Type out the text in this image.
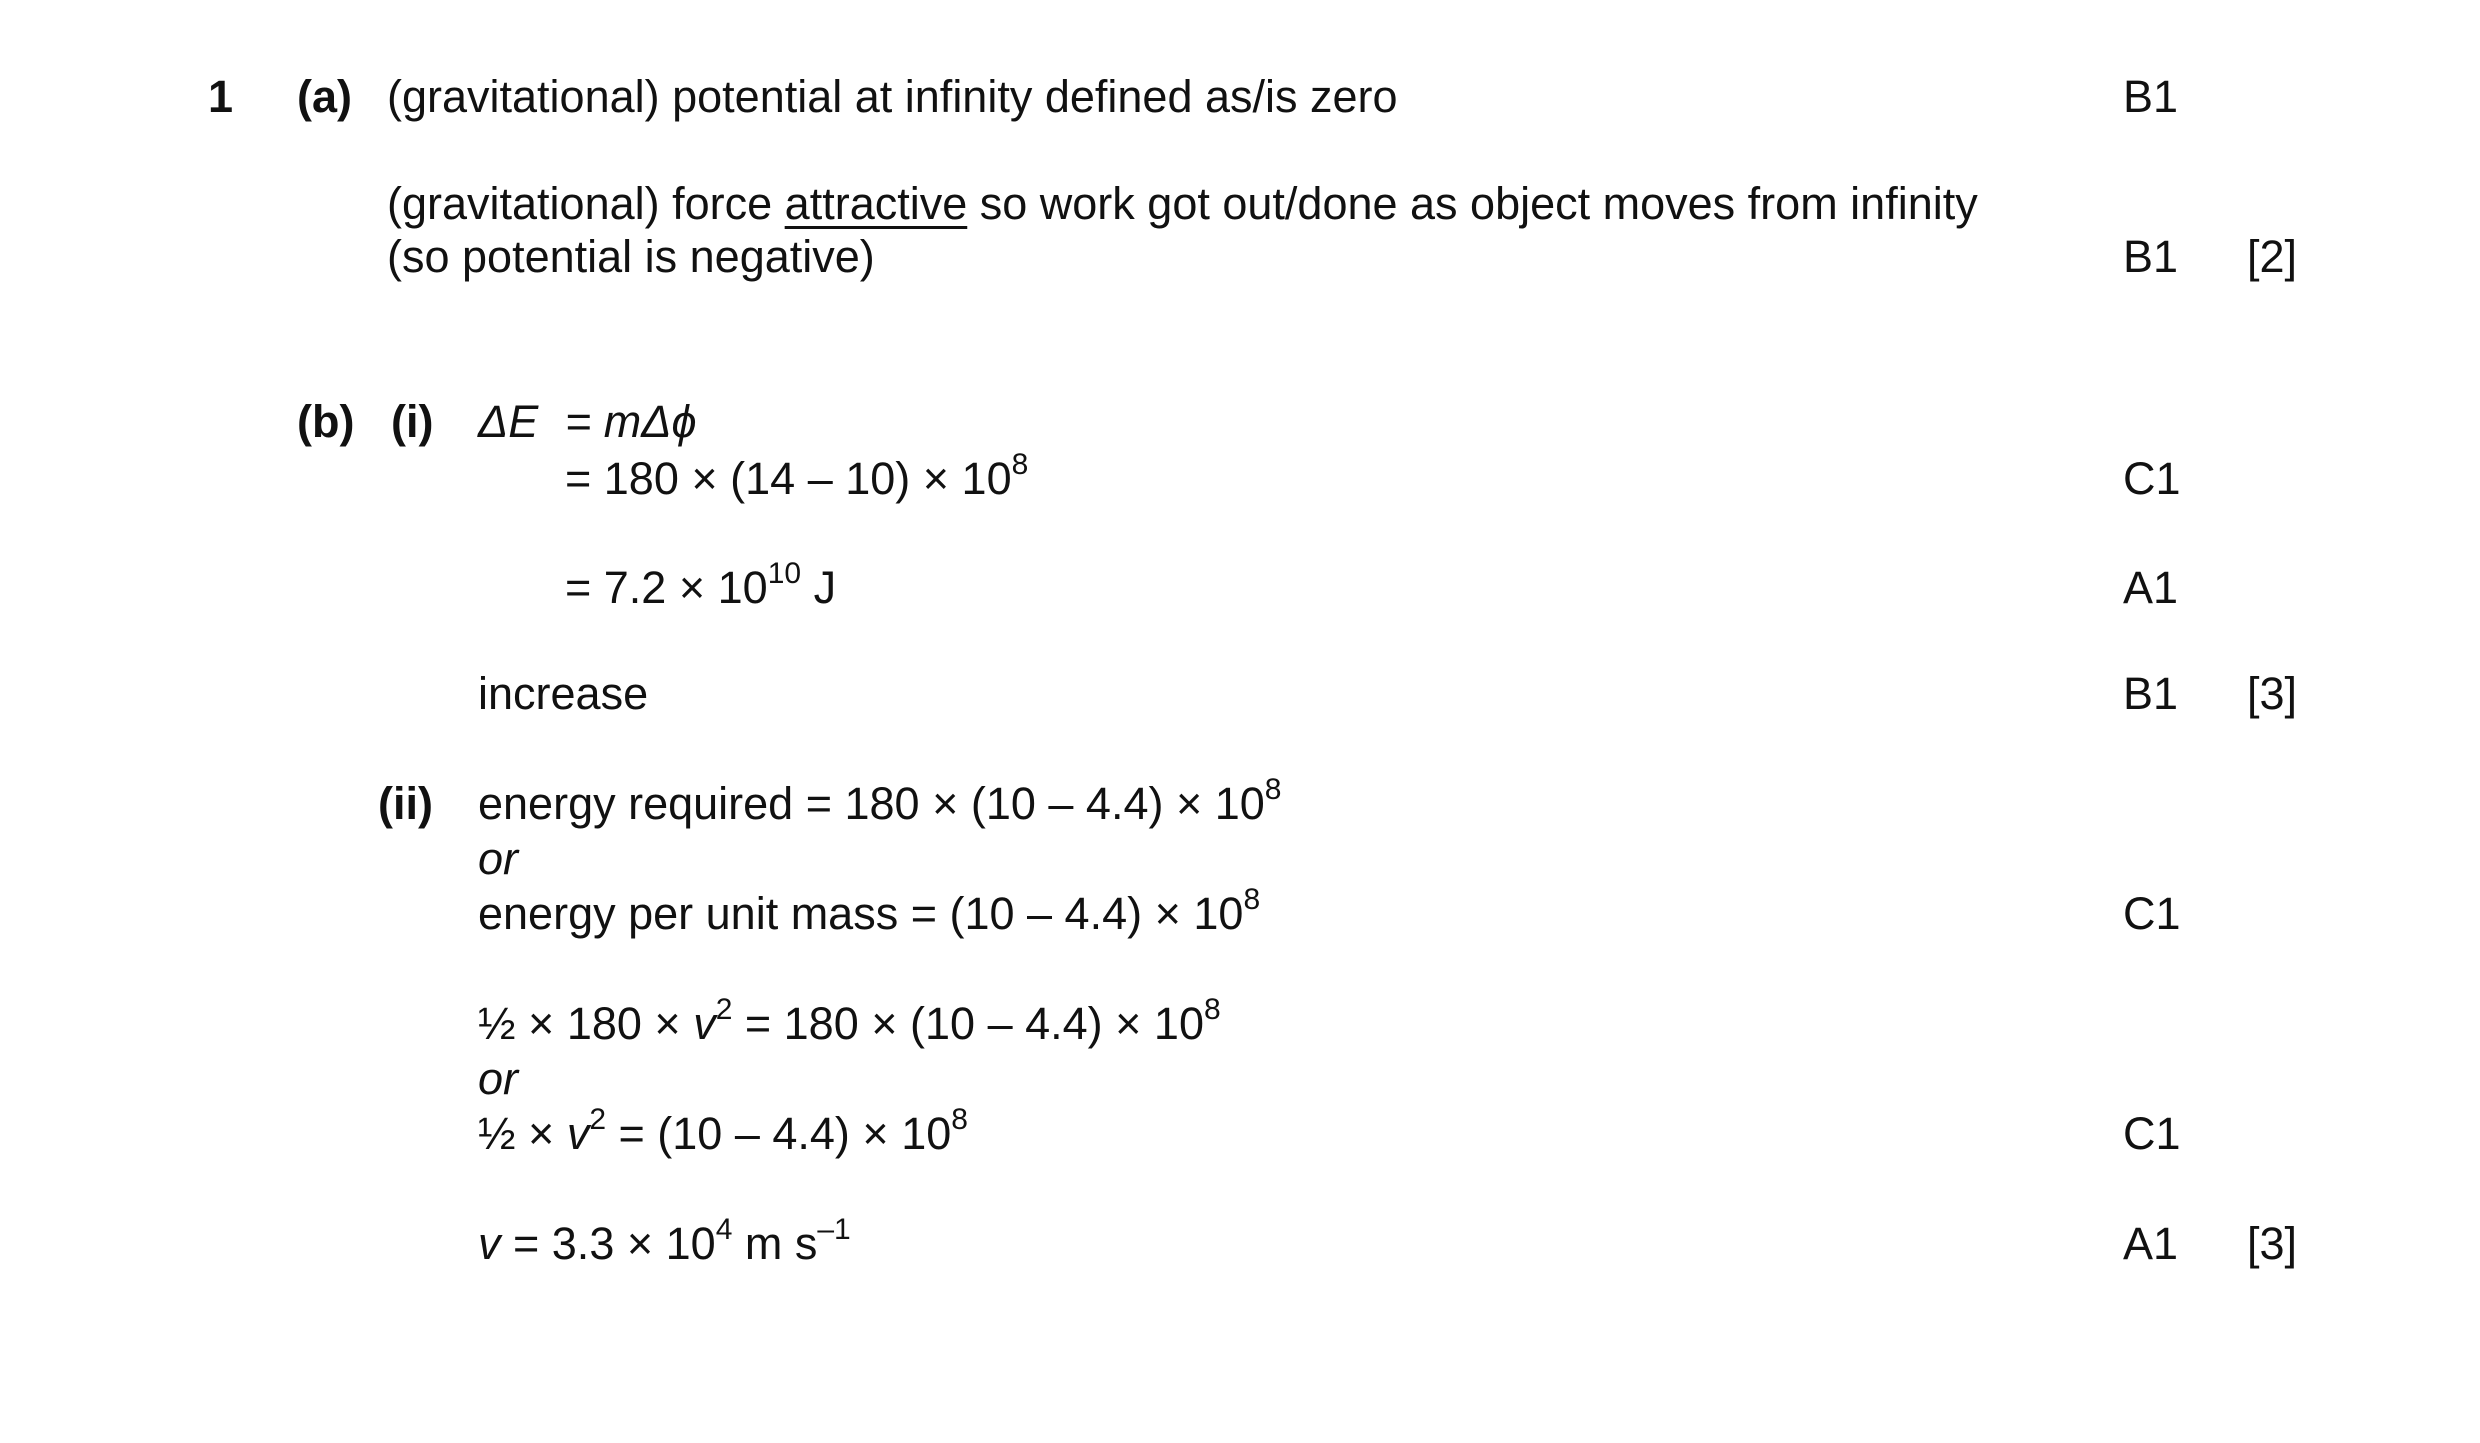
1 (a) (gravitational) potential at infinity defined as/is zero	B1
(gravitational) force attractive so work got out/done as object moves from infinity
(so potential is negative)	B1 [2]
(b) (i) ΔE = mΔϕ
= $180 \times (14 - 10) \times 10^8$	C1
= $7.2 \times 10^{10}$ J	A1
increase	B1 [3]
(ii) energy required = $180 \times (10 - 4.4) \times 10^8$
or
energy per unit mass = $(10 - 4.4) \times 10^8$	C1
½ × $180 \times v^2 = 180 \times (10 - 4.4) \times 10^8$
or
½ × $v^2 = (10 - 4.4) \times 10^8$	C1
$v = 3.3 \times 10^4$ m $s^{-1}$	A1 [3]
